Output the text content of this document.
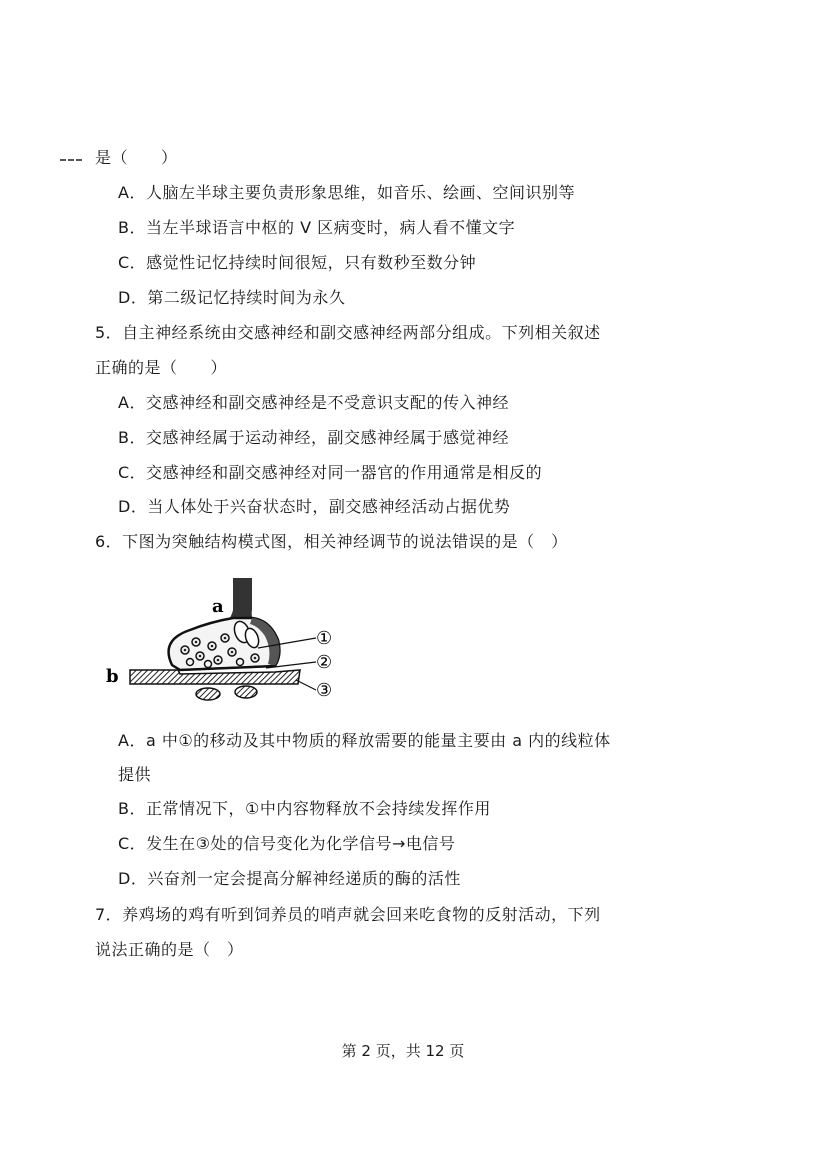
是（　　）
A．人脑左半球主要负责形象思维，如音乐、绘画、空间识别等
B．当左半球语言中枢的 V 区病变时，病人看不懂文字
C．感觉性记忆持续时间很短，只有数秒至数分钟
D．第二级记忆持续时间为永久
5．自主神经系统由交感神经和副交感神经两部分组成。下列相关叙述
正确的是（　　）
A．交感神经和副交感神经是不受意识支配的传入神经
B．交感神经属于运动神经，副交感神经属于感觉神经
C．交感神经和副交感神经对同一器官的作用通常是相反的
D．当人体处于兴奋状态时，副交感神经活动占据优势
6．下图为突触结构模式图，相关神经调节的说法错误的是（　）
a
b
①
②
③
A．a 中①的移动及其中物质的释放需要的能量主要由 a 内的线粒体
提供
B．正常情况下，①中内容物释放不会持续发挥作用
C．发生在③处的信号变化为化学信号→电信号
D．兴奋剂一定会提高分解神经递质的酶的活性
7．养鸡场的鸡有听到饲养员的哨声就会回来吃食物的反射活动，下列
说法正确的是（　）
第 2 页，共 12 页
